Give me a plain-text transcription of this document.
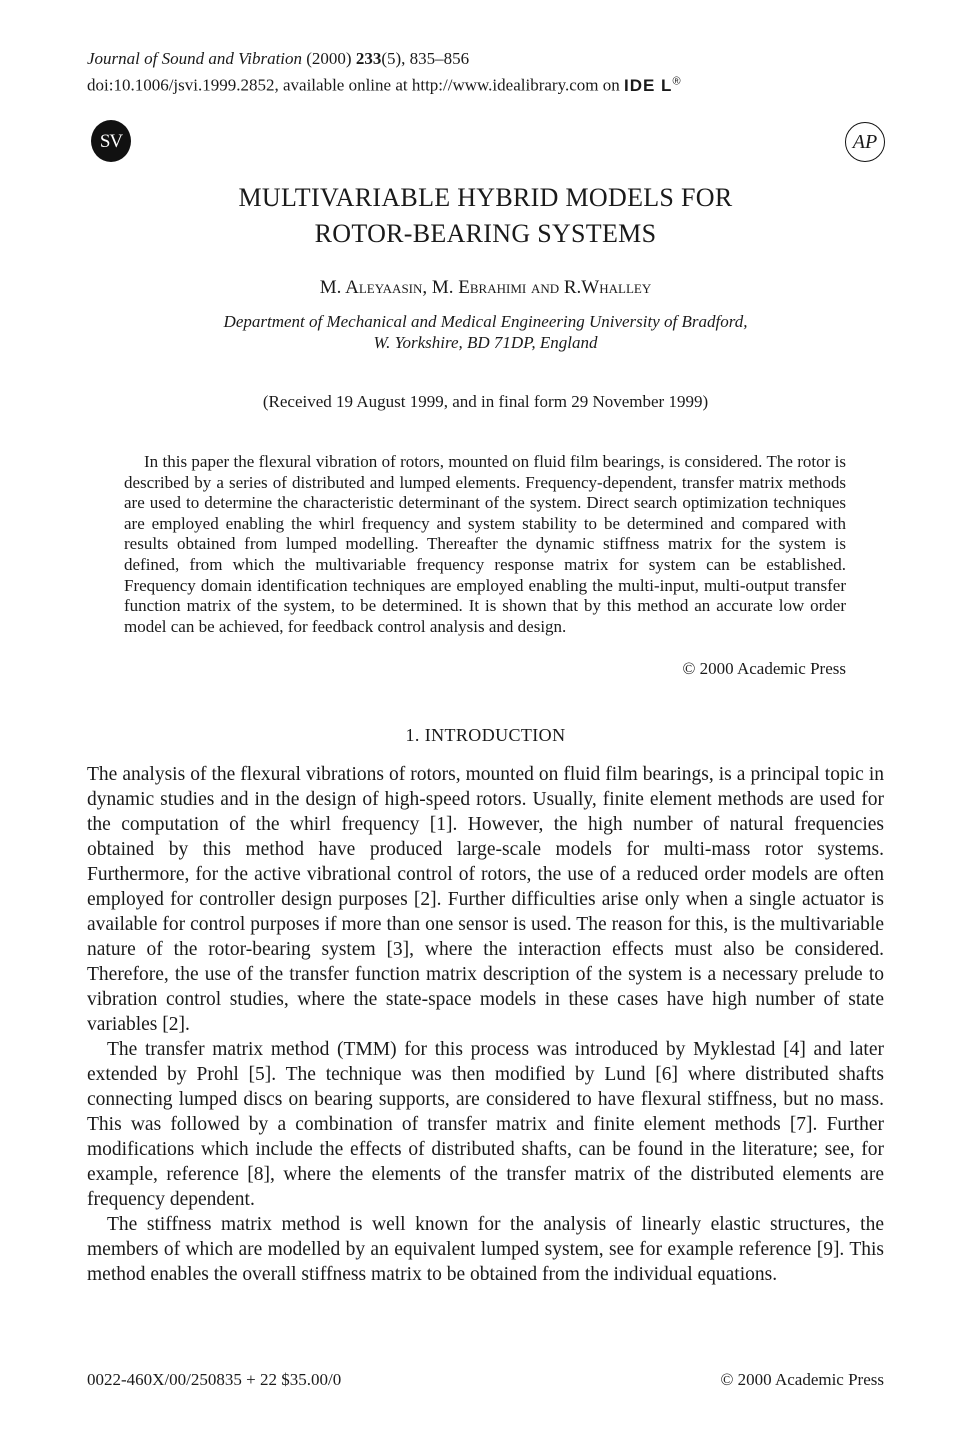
Journal of Sound and Vibration (2000) 233(5), 835–856
doi:10.1006/jsvi.1999.2852, available online at http://www.idealibrary.com on IDE L®
SV	AP
MULTIVARIABLE HYBRID MODELS FOR
ROTOR-BEARING SYSTEMS
M. Aleyaasin, M. Ebrahimi and R.Whalley
Department of Mechanical and Medical Engineering University of Bradford,
W. Yorkshire, BD 71DP, England
(Received 19 August 1999, and in final form 29 November 1999)
In this paper the flexural vibration of rotors, mounted on fluid film bearings, is considered. The rotor is described by a series of distributed and lumped elements. Frequency-dependent, transfer matrix methods are used to determine the characteristic determinant of the system. Direct search optimization techniques are employed enabling the whirl frequency and system stability to be determined and compared with results obtained from lumped modelling. Thereafter the dynamic stiffness matrix for the system is defined, from which the multivariable frequency response matrix for system can be established. Frequency domain identification techniques are employed enabling the multi-input, multi-output transfer function matrix of the system, to be determined. It is shown that by this method an accurate low order model can be achieved, for feedback control analysis and design.
© 2000 Academic Press
1. INTRODUCTION

The analysis of the flexural vibrations of rotors, mounted on fluid film bearings, is a principal topic in dynamic studies and in the design of high-speed rotors. Usually, finite element methods are used for the computation of the whirl frequency [1]. However, the high number of natural frequencies obtained by this method have produced large-scale models for multi-mass rotor systems. Furthermore, for the active vibrational control of rotors, the use of a reduced order models are often employed for controller design purposes [2]. Further difficulties arise only when a single actuator is available for control purposes if more than one sensor is used. The reason for this, is the multivariable nature of the rotor-bearing system [3], where the interaction effects must also be considered. Therefore, the use of the transfer function matrix description of the system is a necessary prelude to vibration control studies, where the state-space models in these cases have high number of state variables [2].

The transfer matrix method (TMM) for this process was introduced by Myklestad [4] and later extended by Prohl [5]. The technique was then modified by Lund [6] where distributed shafts connecting lumped discs on bearing supports, are considered to have flexural stiffness, but no mass. This was followed by a combination of transfer matrix and finite element methods [7]. Further modifications which include the effects of distributed shafts, can be found in the literature; see, for example, reference [8], where the elements of the transfer matrix of the distributed elements are frequency dependent.

The stiffness matrix method is well known for the analysis of linearly elastic structures, the members of which are modelled by an equivalent lumped system, see for example reference [9]. This method enables the overall stiffness matrix to be obtained from the individual equations.

0022-460X/00/250835 + 22 $35.00/0	© 2000 Academic Press
